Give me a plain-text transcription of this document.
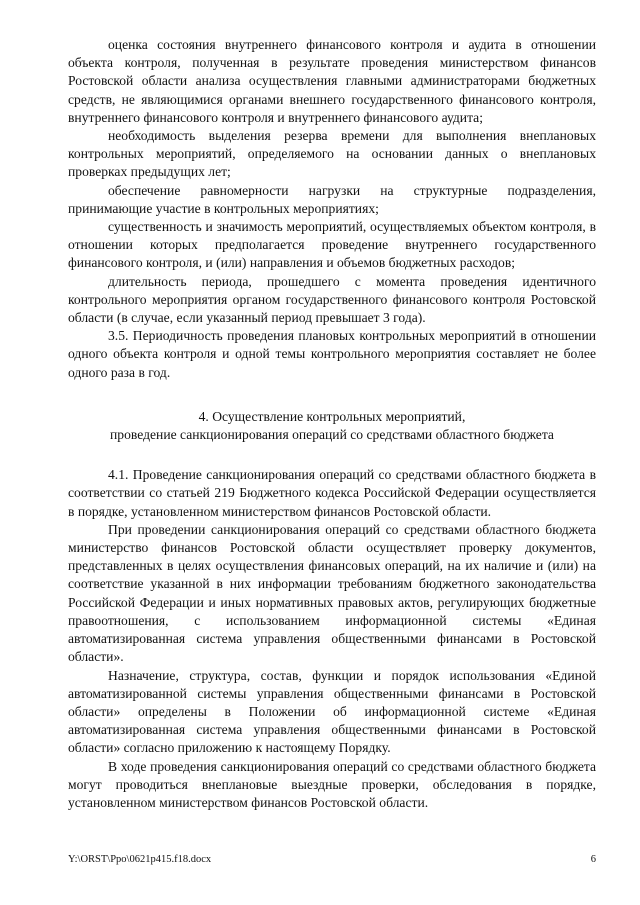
оценка состояния внутреннего финансового контроля и аудита в отношении объекта контроля, полученная в результате проведения министерством финансов Ростовской области анализа осуществления главными администраторами бюджетных средств, не являющимися органами внешнего государственного финансового контроля, внутреннего финансового контроля и внутреннего финансового аудита;

необходимость выделения резерва времени для выполнения внеплановых контрольных мероприятий, определяемого на основании данных о внеплановых проверках предыдущих лет;

обеспечение равномерности нагрузки на структурные подразделения, принимающие участие в контрольных мероприятиях;

существенность и значимость мероприятий, осуществляемых объектом контроля, в отношении которых предполагается проведение внутреннего государственного финансового контроля, и (или) направления и объемов бюджетных расходов;

длительность периода, прошедшего с момента проведения идентичного контрольного мероприятия органом государственного финансового контроля Ростовской области (в случае, если указанный период превышает 3 года).

3.5. Периодичность проведения плановых контрольных мероприятий в отношении одного объекта контроля и одной темы контрольного мероприятия составляет не более одного раза в год.

4. Осуществление контрольных мероприятий,
проведение санкционирования операций со средствами областного бюджета

4.1. Проведение санкционирования операций со средствами областного бюджета в соответствии со статьей 219 Бюджетного кодекса Российской Федерации осуществляется в порядке, установленном министерством финансов Ростовской области.

При проведении санкционирования операций со средствами областного бюджета министерство финансов Ростовской области осуществляет проверку документов, представленных в целях осуществления финансовых операций, на их наличие и (или) на соответствие указанной в них информации требованиям бюджетного законодательства Российской Федерации и иных нормативных правовых актов, регулирующих бюджетные правоотношения, с использованием информационной системы «Единая автоматизированная система управления общественными финансами в Ростовской области».

Назначение, структура, состав, функции и порядок использования «Единой автоматизированной системы управления общественными финансами в Ростовской области» определены в Положении об информационной системе «Единая автоматизированная система управления общественными финансами в Ростовской области» согласно приложению к настоящему Порядку.

В ходе проведения санкционирования операций со средствами областного бюджета могут проводиться внеплановые выездные проверки, обследования в порядке, установленном министерством финансов Ростовской области.

Y:\ORST\Ppo\0621p415.f18.docx	6
